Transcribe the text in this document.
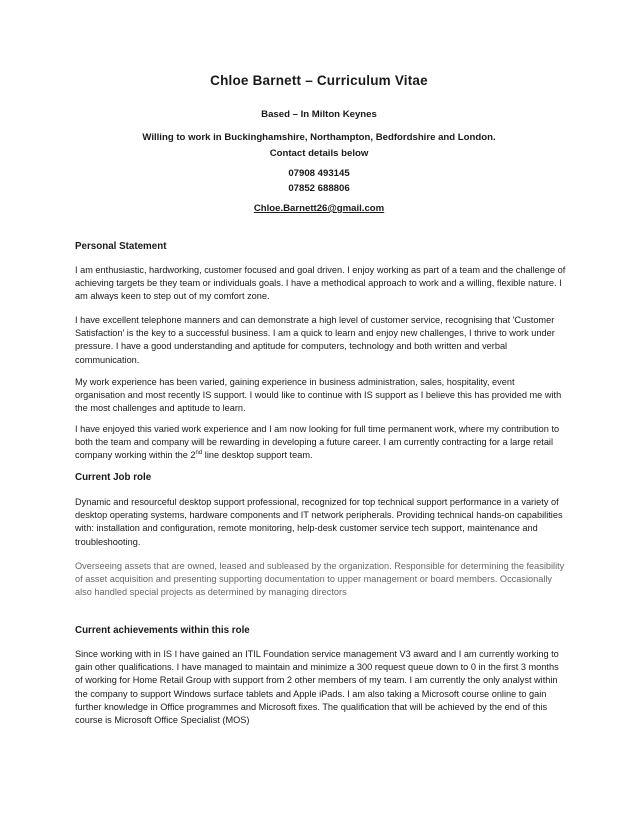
Chloe Barnett – Curriculum Vitae
Based – In Milton Keynes
Willing to work in Buckinghamshire, Northampton, Bedfordshire and London.
Contact details below
07908 493145
07852 688806
Chloe.Barnett26@gmail.com
Personal Statement

I am enthusiastic, hardworking, customer focused and goal driven. I enjoy working as part of a team and the challenge of achieving targets be they team or individuals goals. I have a methodical approach to work and a willing, flexible nature. I am always keen to step out of my comfort zone.

I have excellent telephone manners and can demonstrate a high level of customer service, recognising that 'Customer Satisfaction' is the key to a successful business. I am a quick to learn and enjoy new challenges, I thrive to work under pressure. I have a good understanding and aptitude for computers, technology and both written and verbal communication.

My work experience has been varied, gaining experience in business administration, sales, hospitality, event organisation and most recently IS support. I would like to continue with IS support as I believe this has provided me with the most challenges and aptitude to learn.

I have enjoyed this varied work experience and I am now looking for full time permanent work, where my contribution to both the team and company will be rewarding in developing a future career. I am currently contracting for a large retail company working within the 2nd line desktop support team.

Current Job role

Dynamic and resourceful desktop support professional, recognized for top technical support performance in a variety of desktop operating systems, hardware components and IT network peripherals. Providing technical hands-on capabilities with: installation and configuration, remote monitoring, help-desk customer service tech support, maintenance and troubleshooting.

Overseeing assets that are owned, leased and subleased by the organization. Responsible for determining the feasibility of asset acquisition and presenting supporting documentation to upper management or board members. Occasionally also handled special projects as determined by managing directors

Current achievements within this role

Since working with in IS I have gained an ITIL Foundation service management V3 award and I am currently working to gain other qualifications. I have managed to maintain and minimize a 300 request queue down to 0 in the first 3 months of working for Home Retail Group with support from 2 other members of my team. I am currently the only analyst within the company to support Windows surface tablets and Apple iPads. I am also taking a Microsoft course online to gain further knowledge in Office programmes and Microsoft fixes. The qualification that will be achieved by the end of this course is Microsoft Office Specialist (MOS)
